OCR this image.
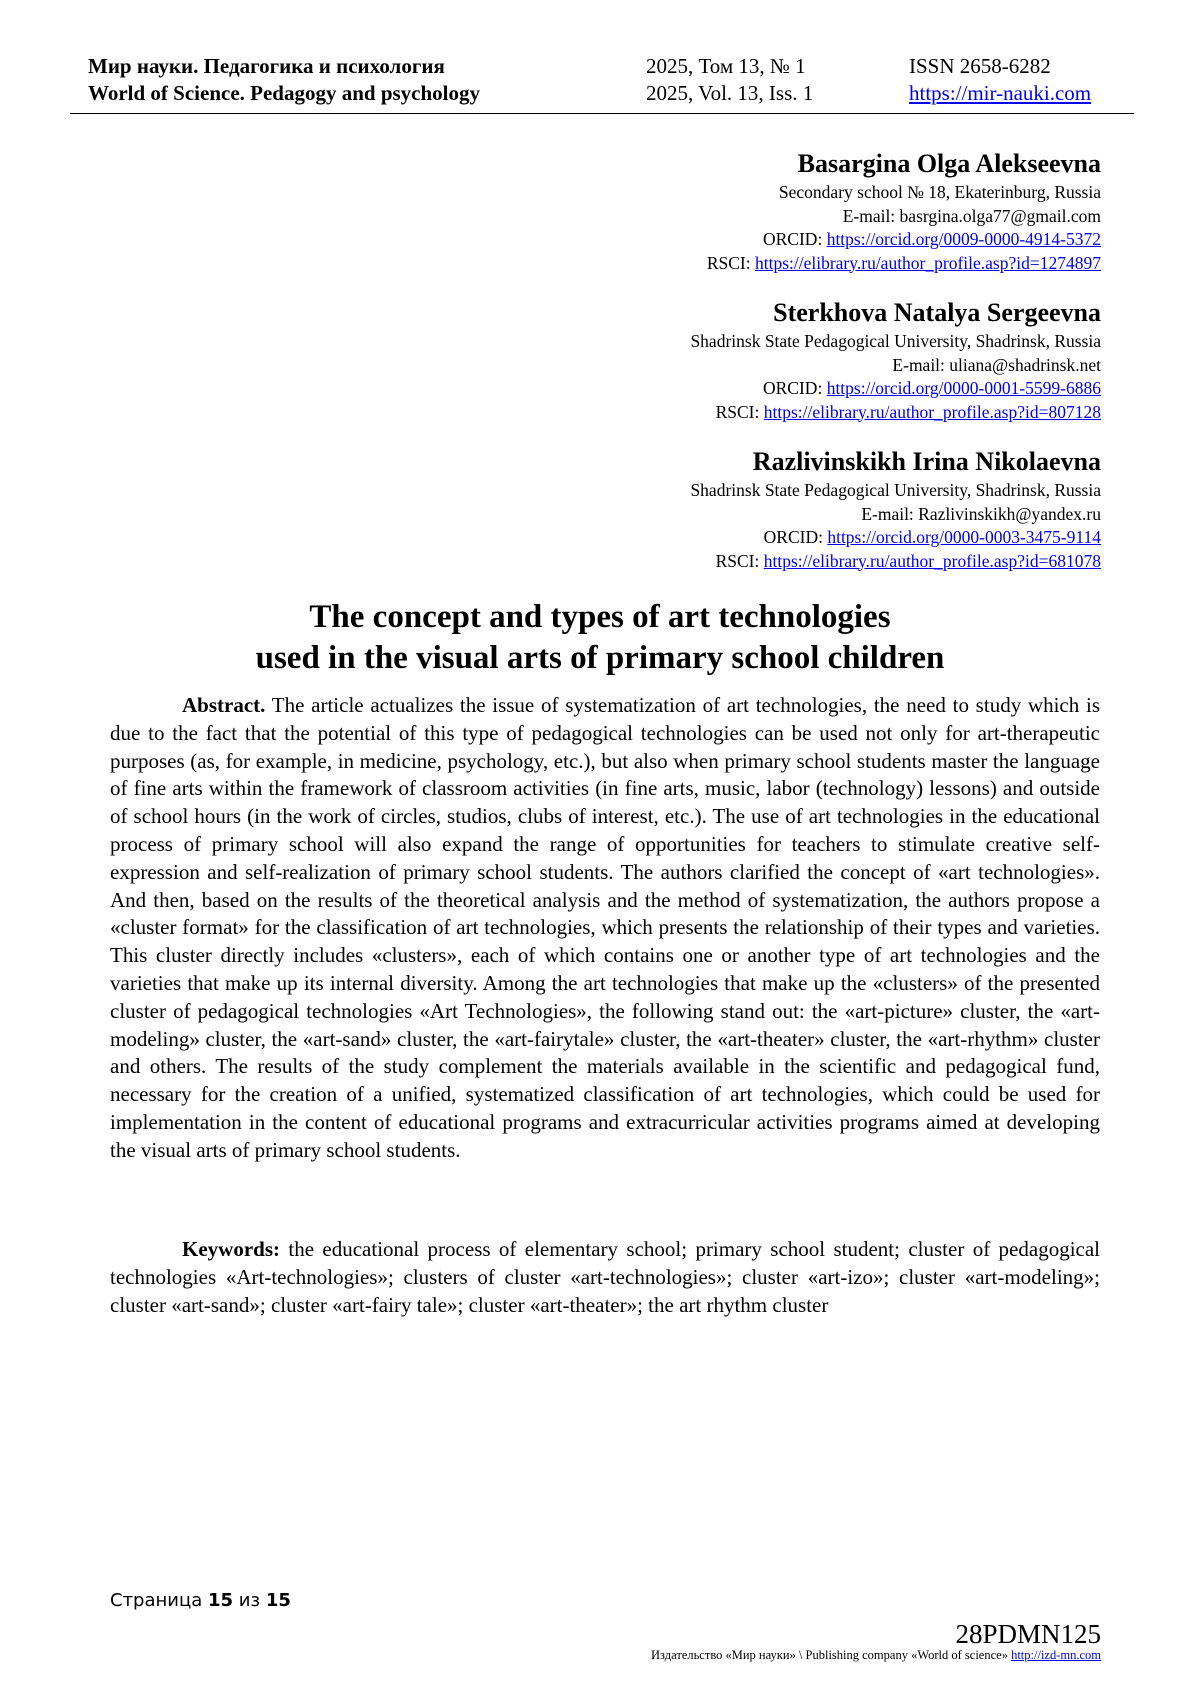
Мир науки. Педагогика и психология
World of Science. Pedagogy and psychology
2025, Том 13, № 1
2025, Vol. 13, Iss. 1
ISSN 2658-6282
https://mir-nauki.com
Basargina Olga Alekseevna
Secondary school № 18, Ekaterinburg, Russia
E-mail: basrgina.olga77@gmail.com
ORCID: https://orcid.org/0009-0000-4914-5372
RSCI: https://elibrary.ru/author_profile.asp?id=1274897
Sterkhova Natalya Sergeevna
Shadrinsk State Pedagogical University, Shadrinsk, Russia
E-mail: uliana@shadrinsk.net
ORCID: https://orcid.org/0000-0001-5599-6886
RSCI: https://elibrary.ru/author_profile.asp?id=807128
Razlivinskikh Irina Nikolaevna
Shadrinsk State Pedagogical University, Shadrinsk, Russia
E-mail: Razlivinskikh@yandex.ru
ORCID: https://orcid.org/0000-0003-3475-9114
RSCI: https://elibrary.ru/author_profile.asp?id=681078
The concept and types of art technologies
used in the visual arts of primary school children
Abstract. The article actualizes the issue of systematization of art technologies, the need to study which is due to the fact that the potential of this type of pedagogical technologies can be used not only for art-therapeutic purposes (as, for example, in medicine, psychology, etc.), but also when primary school students master the language of fine arts within the framework of classroom activities (in fine arts, music, labor (technology) lessons) and outside of school hours (in the work of circles, studios, clubs of interest, etc.). The use of art technologies in the educational process of primary school will also expand the range of opportunities for teachers to stimulate creative self-expression and self-realization of primary school students. The authors clarified the concept of «art technologies». And then, based on the results of the theoretical analysis and the method of systematization, the authors propose a «cluster format» for the classification of art technologies, which presents the relationship of their types and varieties. This cluster directly includes «clusters», each of which contains one or another type of art technologies and the varieties that make up its internal diversity. Among the art technologies that make up the «clusters» of the presented cluster of pedagogical technologies «Art Technologies», the following stand out: the «art-picture» cluster, the «art-modeling» cluster, the «art-sand» cluster, the «art-fairytale» cluster, the «art-theater» cluster, the «art-rhythm» cluster and others. The results of the study complement the materials available in the scientific and pedagogical fund, necessary for the creation of a unified, systematized classification of art technologies, which could be used for implementation in the content of educational programs and extracurricular activities programs aimed at developing the visual arts of primary school students.
Keywords: the educational process of elementary school; primary school student; cluster of pedagogical technologies «Art-technologies»; clusters of cluster «art-technologies»; cluster «art-izo»; cluster «art-modeling»; cluster «art-sand»; cluster «art-fairy tale»; cluster «art-theater»; the art rhythm cluster
Страница 15 из 15
28PDMN125
Издательство «Мир науки» \ Publishing company «World of science» http://izd-mn.com
